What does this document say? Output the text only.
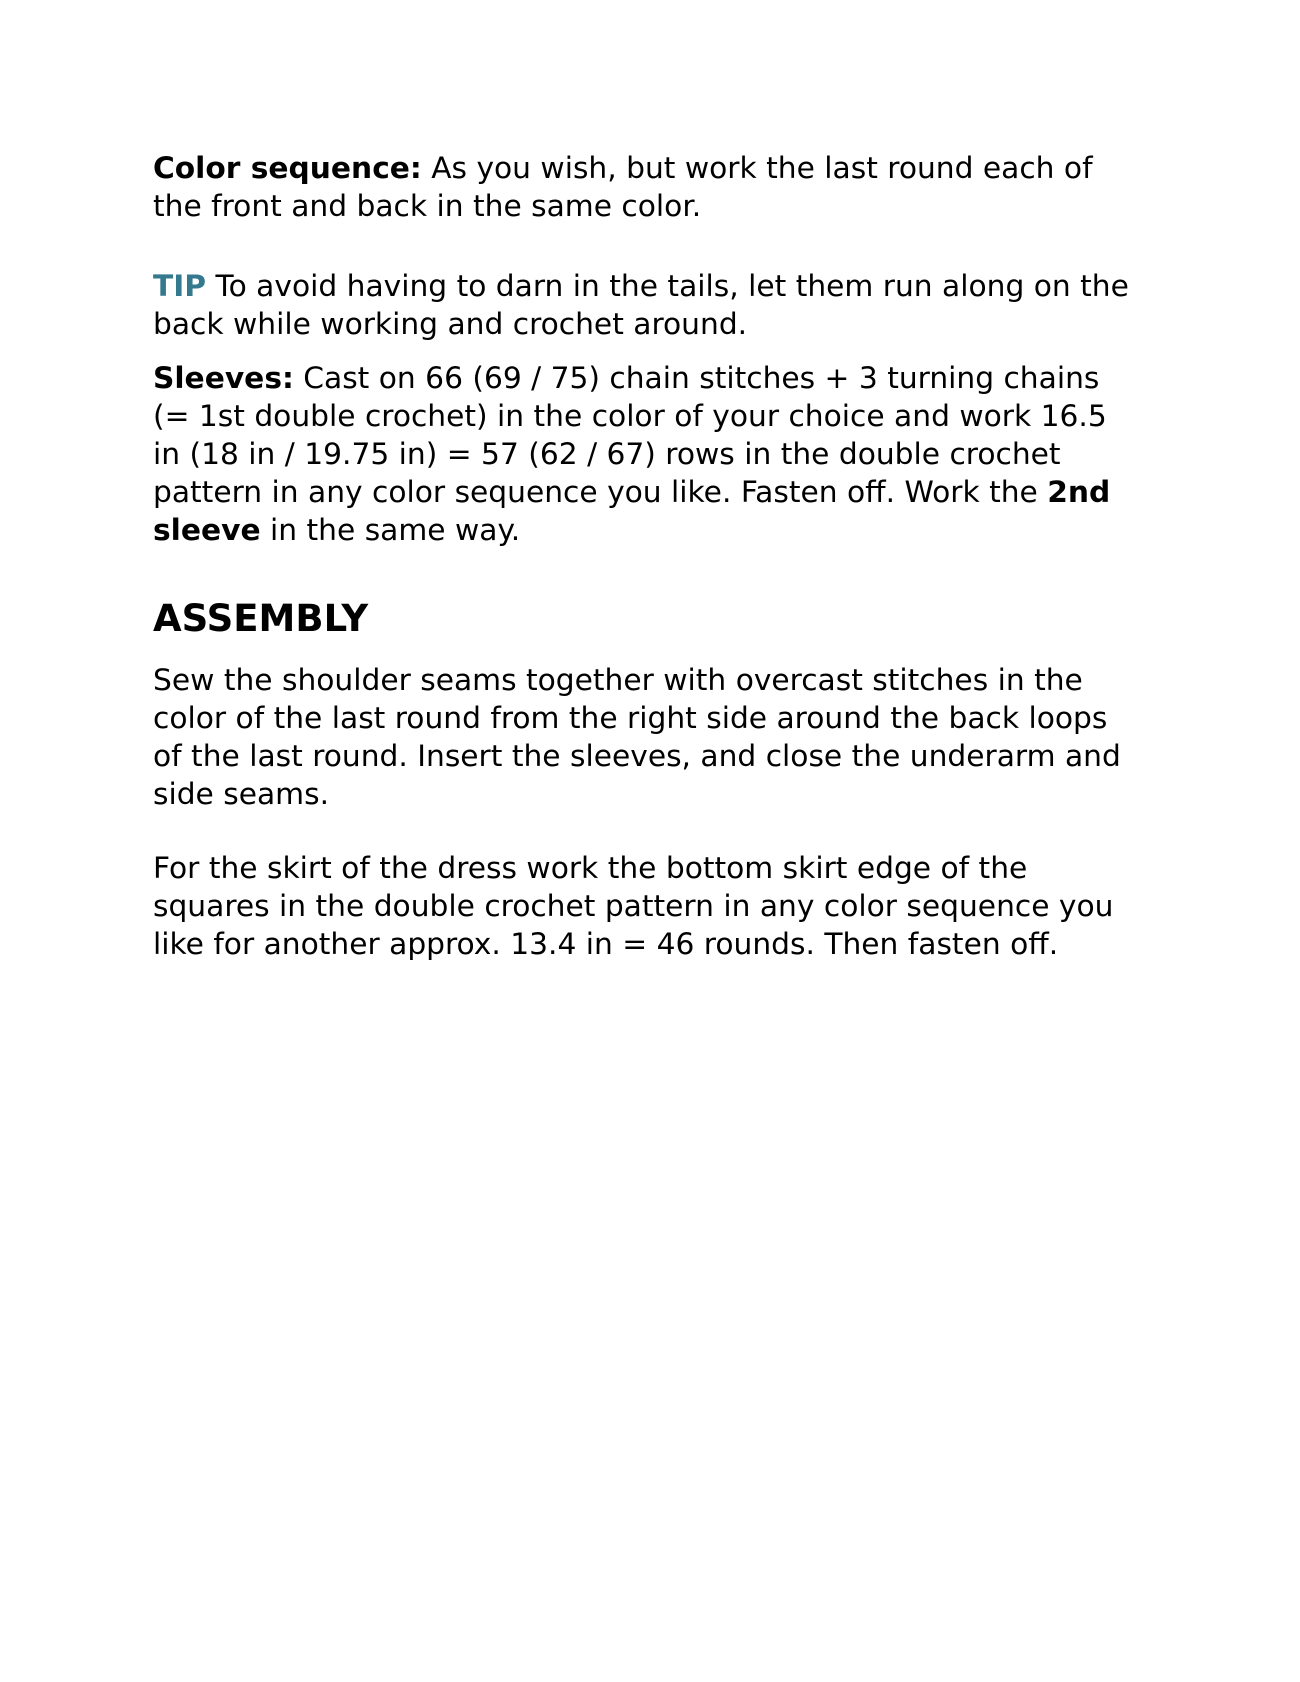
Color sequence: As you wish, but work the last round each of the front and back in the same color.

TIP To avoid having to darn in the tails, let them run along on the back while working and crochet around.

Sleeves: Cast on 66 (69 / 75) chain stitches + 3 turning chains (= 1st double crochet) in the color of your choice and work 16.5 in (18 in / 19.75 in) = 57 (62 / 67) rows in the double crochet pattern in any color sequence you like. Fasten off. Work the 2nd sleeve in the same way.

ASSEMBLY

Sew the shoulder seams together with overcast stitches in the color of the last round from the right side around the back loops of the last round. Insert the sleeves, and close the underarm and side seams.

For the skirt of the dress work the bottom skirt edge of the squares in the double crochet pattern in any color sequence you like for another approx. 13.4 in = 46 rounds. Then fasten off.
